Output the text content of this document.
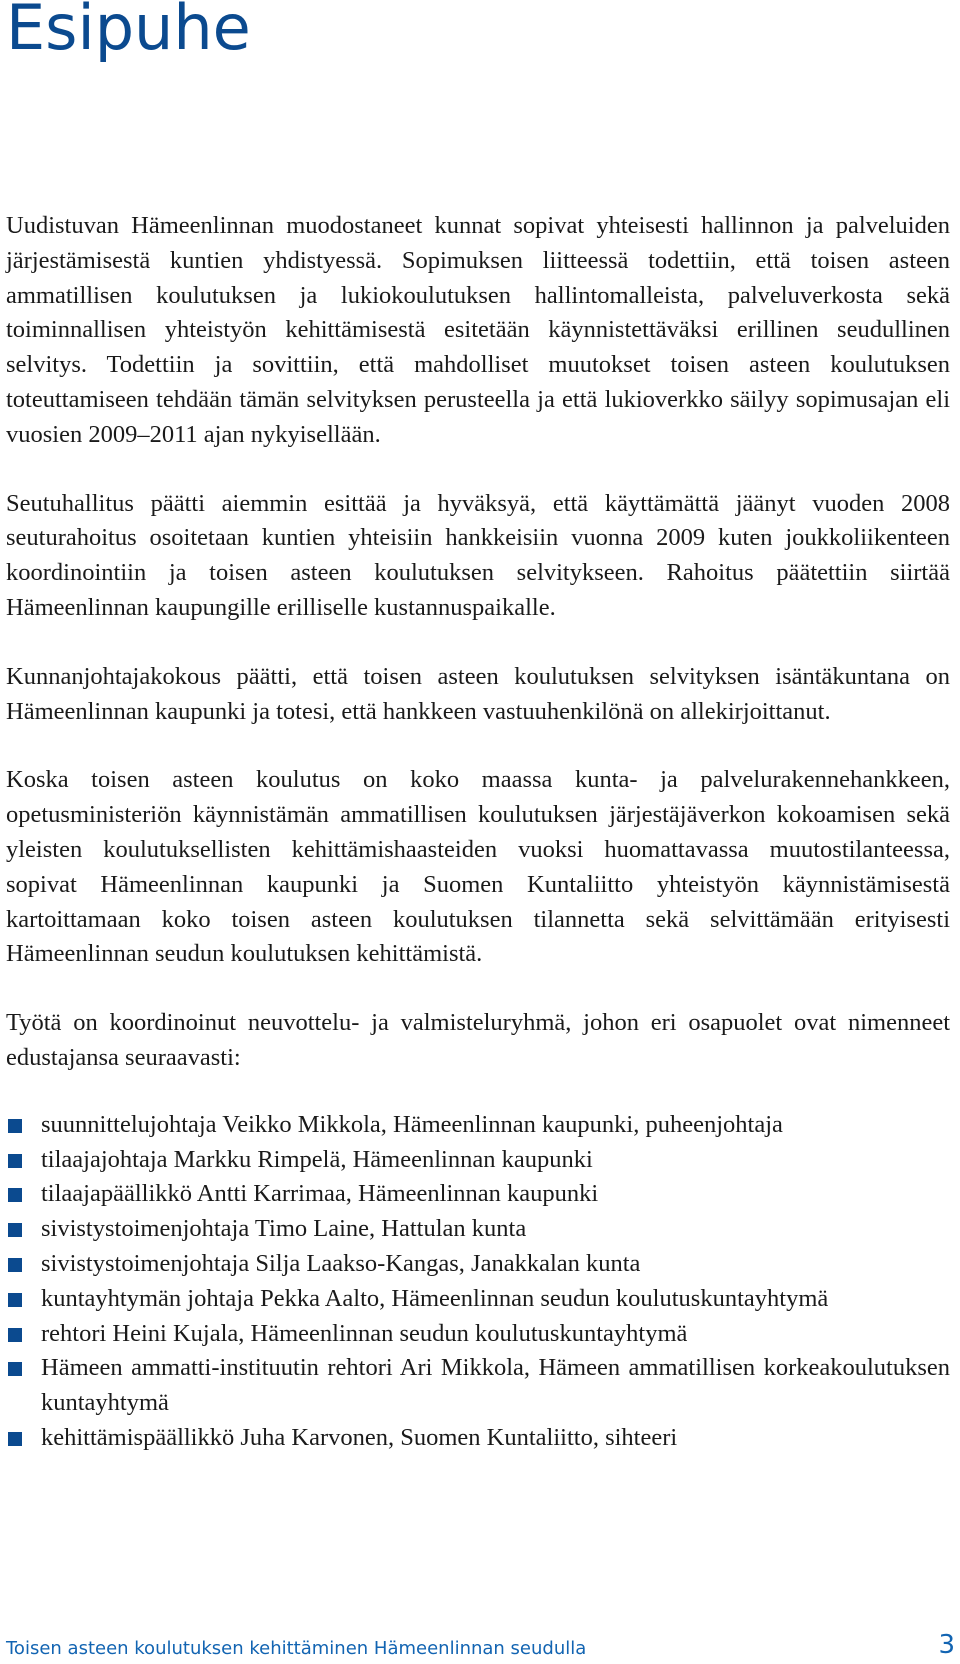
Esipuhe

Uudistuvan Hämeenlinnan muodostaneet kunnat sopivat yhteisesti hallinnon ja palveluiden järjestämisestä kuntien yhdistyessä. Sopimuksen liitteessä todettiin, että toisen asteen ammatillisen koulutuksen ja lukiokoulutuksen hallintomalleista, palveluverkosta sekä toiminnallisen yhteistyön kehittämisestä esitetään käynnistettäväksi erillinen seudullinen selvitys. Todettiin ja sovittiin, että mahdolliset muutokset toisen asteen koulutuksen toteuttamiseen tehdään tämän selvityksen perusteella ja että lukioverkko säilyy sopimusajan eli vuosien 2009–2011 ajan nykyisellään.

Seutuhallitus päätti aiemmin esittää ja hyväksyä, että käyttämättä jäänyt vuoden 2008 seuturahoitus osoitetaan kuntien yhteisiin hankkeisiin vuonna 2009 kuten joukkoliikenteen koordinointiin ja toisen asteen koulutuksen selvitykseen. Rahoitus päätettiin siirtää Hämeenlinnan kaupungille erilliselle kustannuspaikalle.

Kunnanjohtajakokous päätti, että toisen asteen koulutuksen selvityksen isäntäkuntana on Hämeenlinnan kaupunki ja totesi, että hankkeen vastuuhenkilönä on allekirjoittanut.

Koska toisen asteen koulutus on koko maassa kunta- ja palvelurakennehankkeen, opetusministeriön käynnistämän ammatillisen koulutuksen järjestäjäverkon kokoamisen sekä yleisten koulutuksellisten kehittämishaasteiden vuoksi huomattavassa muutostilanteessa, sopivat Hämeenlinnan kaupunki ja Suomen Kuntaliitto yhteistyön käynnistämisestä kartoittamaan koko toisen asteen koulutuksen tilannetta sekä selvittämään erityisesti Hämeenlinnan seudun koulutuksen kehittämistä.

Työtä on koordinoinut neuvottelu- ja valmisteluryhmä, johon eri osapuolet ovat nimenneet edustajansa seuraavasti:

suunnittelujohtaja Veikko Mikkola, Hämeenlinnan kaupunki, puheenjohtaja
tilaajajohtaja Markku Rimpelä, Hämeenlinnan kaupunki
tilaajapäällikkö Antti Karrimaa, Hämeenlinnan kaupunki
sivistystoimenjohtaja Timo Laine, Hattulan kunta
sivistystoimenjohtaja Silja Laakso-Kangas, Janakkalan kunta
kuntayhtymän johtaja Pekka Aalto, Hämeenlinnan seudun koulutuskuntayhtymä
rehtori Heini Kujala, Hämeenlinnan seudun koulutuskuntayhtymä
Hämeen ammatti-instituutin rehtori Ari Mikkola, Hämeen ammatillisen korkeakoulutuksen kuntayhtymä
kehittämispäällikkö Juha Karvonen, Suomen Kuntaliitto, sihteeri
Toisen asteen koulutuksen kehittäminen Hämeenlinnan seudulla	3
